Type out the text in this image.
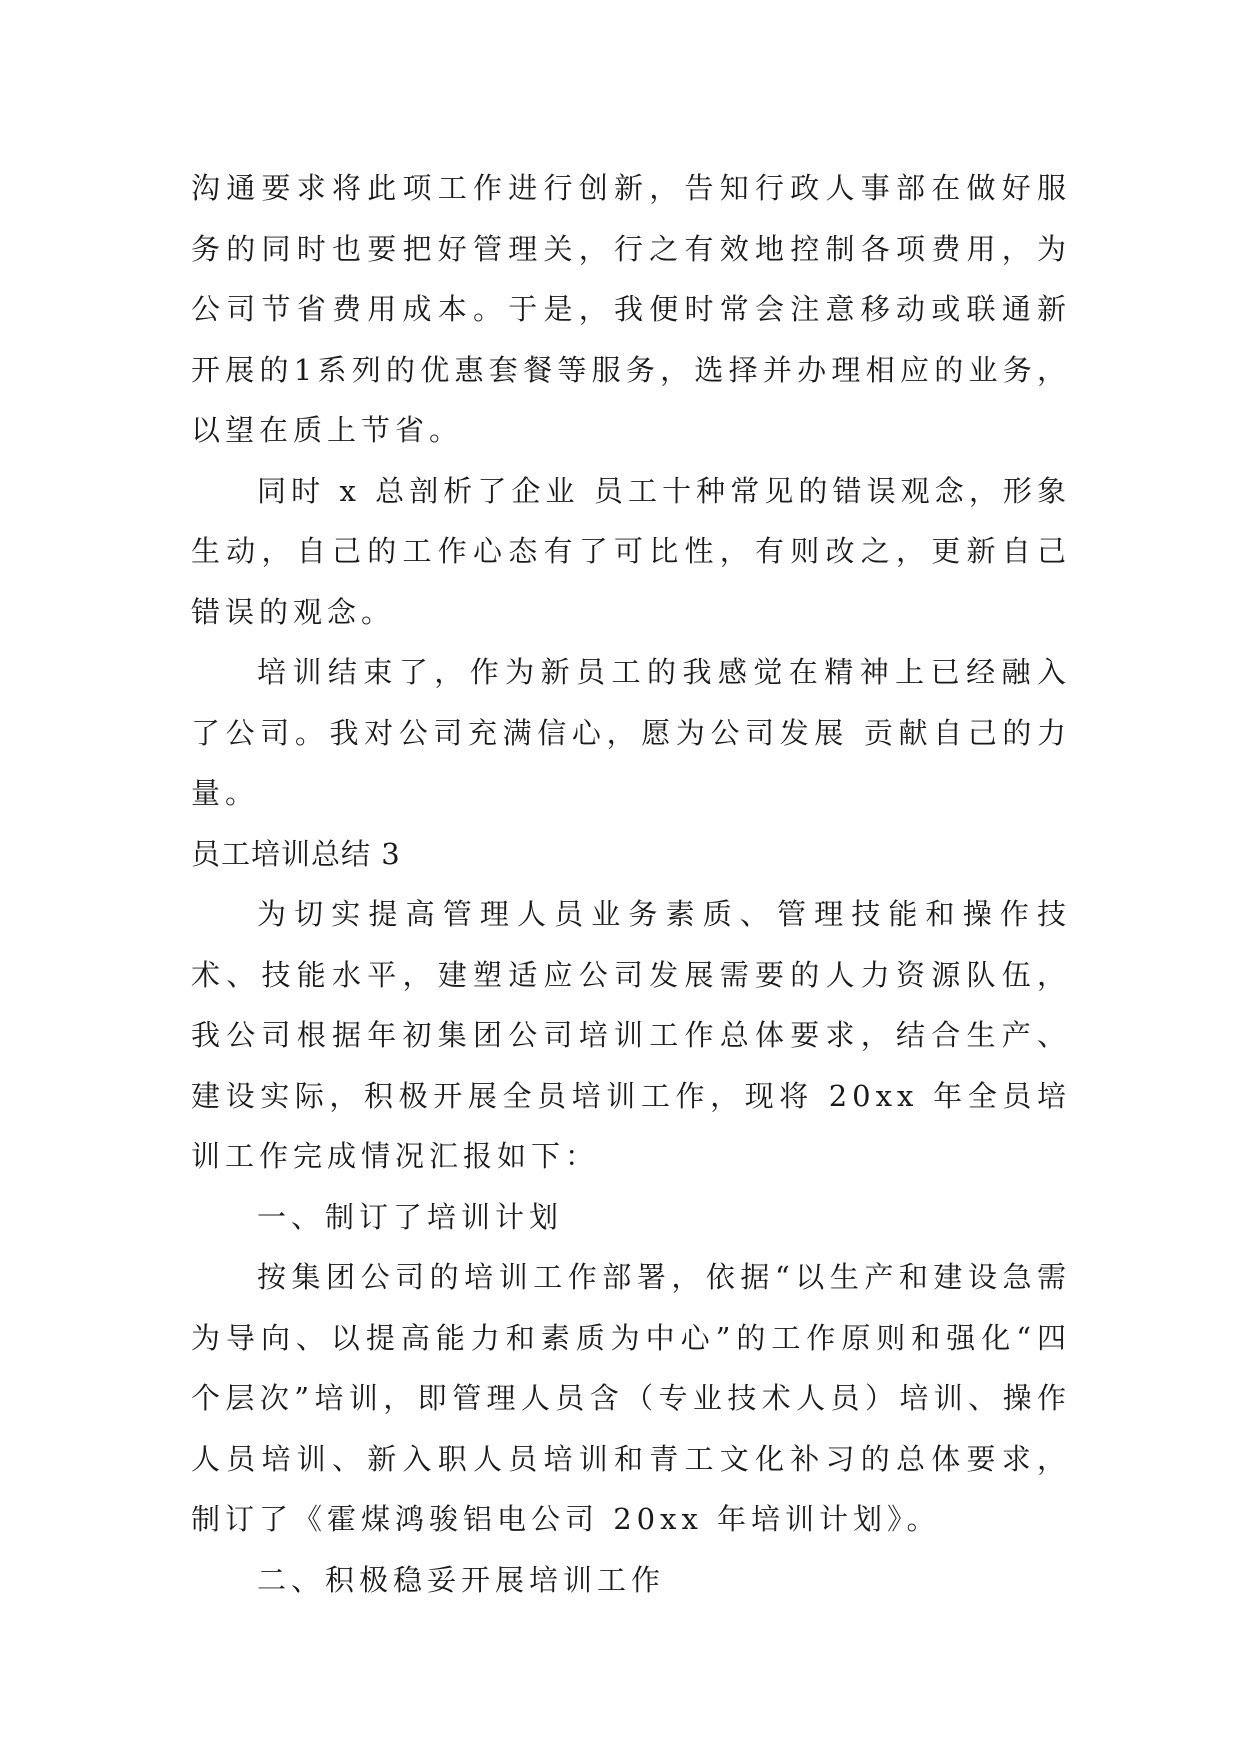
沟通要求将此项工作进行创新，告知行政人事部在做好服务的同时也要把好管理关，行之有效地控制各项费用，为公司节省费用成本。于是，我便时常会注意移动或联通新开展的1系列的优惠套餐等服务，选择并办理相应的业务，以望在质上节省。

同时 x 总剖析了企业 员工十种常见的错误观念，形象生动，自己的工作心态有了可比性，有则改之，更新自己错误的观念。

培训结束了，作为新员工的我感觉在精神上已经融入了公司。我对公司充满信心，愿为公司发展 贡献自己的力量。

员工培训总结 3

为切实提高管理人员业务素质、管理技能和操作技术、技能水平，建塑适应公司发展需要的人力资源队伍，我公司根据年初集团公司培训工作总体要求，结合生产、建设实际，积极开展全员培训工作，现将 20xx 年全员培训工作完成情况汇报如下：

一、制订了培训计划

按集团公司的培训工作部署，依据“以生产和建设急需为导向、以提高能力和素质为中心”的工作原则和强化“四个层次”培训，即管理人员含（专业技术人员）培训、操作人员培训、新入职人员培训和青工文化补习的总体要求，制订了《霍煤鸿骏铝电公司 20xx 年培训计划》。

二、积极稳妥开展培训工作
